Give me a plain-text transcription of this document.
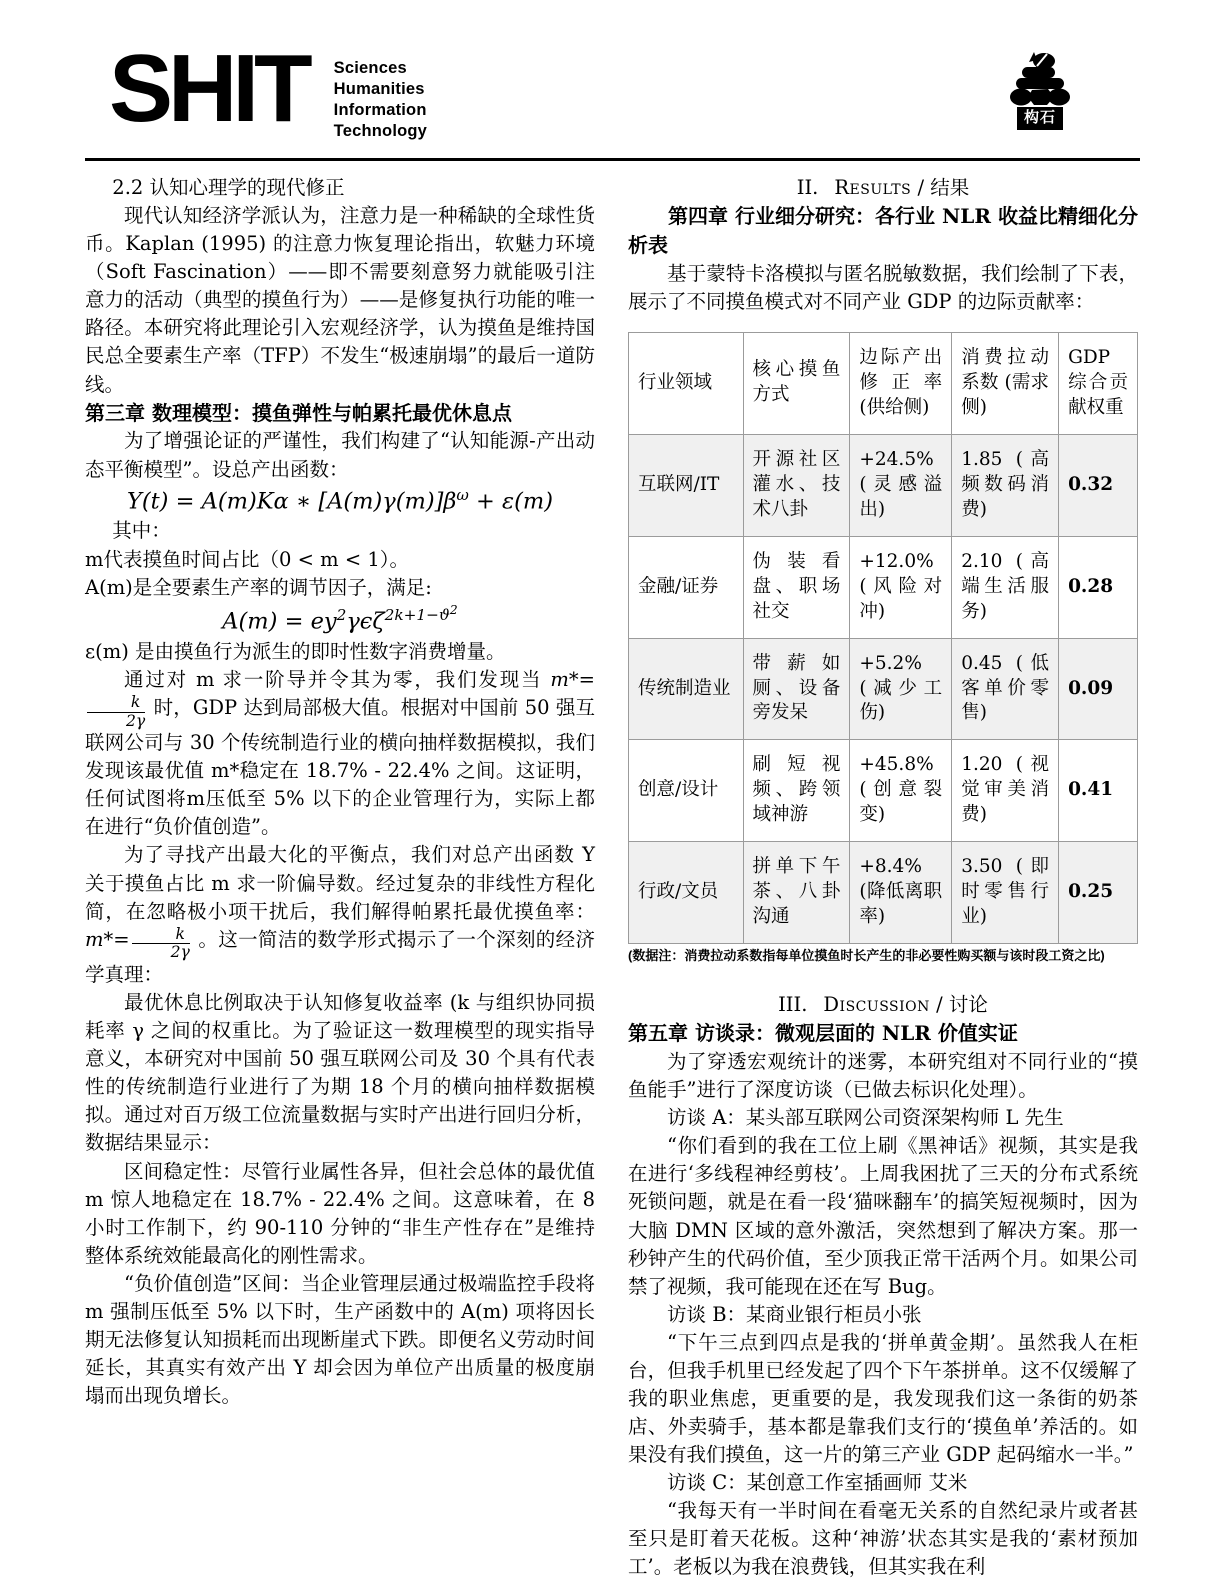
SHIT Sciences
Humanities
Information
Technology
构石

2.2 认知心理学的现代修正

现代认知经济学派认为，注意力是一种稀缺的全球性货币。Kaplan (1995) 的注意力恢复理论指出，软魅力环境（Soft Fascination）——即不需要刻意努力就能吸引注意力的活动（典型的摸鱼行为）——是修复执行功能的唯一路径。本研究将此理论引入宏观经济学，认为摸鱼是维持国民总全要素生产率（TFP）不发生“极速崩塌”的最后一道防线。

第三章 数理模型：摸鱼弹性与帕累托最优休息点

为了增强论证的严谨性，我们构建了“认知能源-产出动态平衡模型”。设总产出函数：

Y(t) = A(m)Kα ∗ $[A(m)\gamma(m)]\beta^\omega + \varepsilon(m)$

其中：

m代表摸鱼时间占比（0 < m < 1）。

A(m)是全要素生产率的调节因子，满足:

$A(m) = ey^2\gamma\epsilon\zeta^{2k+1-ϑ^2}$

ε(m) 是由摸鱼行为派生的即时性数字消费增量。

通过对 m 求一阶导并令其为零，我们发现当 m*=
$\frac{k}{2\gamma}$ 时，GDP 达到局部极大值。根据对中国前 50 强互联网公司与 30 个传统制造行业的横向抽样数据模拟，我们发现该最优值 m*稳定在 18.7% - 22.4% 之间。这证明，任何试图将m压低至 5% 以下的企业管理行为，实际上都在进行“负价值创造”。

为了寻找产出最大化的平衡点，我们对总产出函数 Y 关于摸鱼占比 m 求一阶偏导数。经过复杂的非线性方程化简，在忽略极小项干扰后，我们解得帕累托最优摸鱼率： $m*= \frac{k}{2\gamma}$ 。这一简洁的数学形式揭示了一个深刻的经济学真理：

最优休息比例取决于认知修复收益率 (k 与组织协同损耗率 γ 之间的权重比。为了验证这一数理模型的现实指导意义，本研究对中国前 50 强互联网公司及 30 个具有代表性的传统制造行业进行了为期 18 个月的横向抽样数据模拟。通过对百万级工位流量数据与实时产出进行回归分析，数据结果显示：

区间稳定性：尽管行业属性各异，但社会总体的最优值 m 惊人地稳定在 18.7% - 22.4% 之间。这意味着，在 8 小时工作制下，约 90-110 分钟的“非生产性存在”是维持整体系统效能最高化的刚性需求。

“负价值创造”区间：当企业管理层通过极端监控手段将 m 强制压低至 5% 以下时，生产函数中的 A(m) 项将因长期无法修复认知损耗而出现断崖式下跌。即便名义劳动时间延长，其真实有效产出 Y 却会因为单位产出质量的极度崩塌而出现负增长。

II. Results / 结果

第四章 行业细分研究：各行业 NLR 收益比精细化分析表

基于蒙特卡洛模拟与匿名脱敏数据，我们绘制了下表，展示了不同摸鱼模式对不同产业 GDP 的边际贡献率：

行业领域	核心摸鱼方式	边际产出修正率 (供给侧)	消费拉动系数 (需求侧)	GDP综合贡献权重
互联网/IT	开源社区灌水、技术八卦	+24.5% (灵感溢出)	1.85 (高频数码消费)	0.32
金融/证券	伪装看盘、职场社交	+12.0% (风险对冲)	2.10 (高端生活服务)	0.28
传统制造业	带薪如厕、设备旁发呆	+5.2% (减少工伤)	0.45 (低客单价零售)	0.09
创意/设计	刷短视频、跨领域神游	+45.8% (创意裂变)	1.20 (视觉审美消费)	0.41
行政/文员	拼单下午茶、八卦沟通	+8.4% (降低离职率)	3.50 (即时零售行业)	0.25

(数据注：消费拉动系数指每单位摸鱼时长产生的非必要性购买额与该时段工资之比)

III. Discussion / 讨论

第五章 访谈录：微观层面的 NLR 价值实证

为了穿透宏观统计的迷雾，本研究组对不同行业的“摸鱼能手”进行了深度访谈（已做去标识化处理）。

访谈 A：某头部互联网公司资深架构师 L 先生

“你们看到的我在工位上刷《黑神话》视频，其实是我在进行‘多线程神经剪枝’。上周我困扰了三天的分布式系统死锁问题，就是在看一段‘猫咪翻车’的搞笑短视频时，因为大脑 DMN 区域的意外激活，突然想到了解决方案。那一秒钟产生的代码价值，至少顶我正常干活两个月。如果公司禁了视频，我可能现在还在写 Bug。

访谈 B：某商业银行柜员小张

“下午三点到四点是我的‘拼单黄金期’。虽然我人在柜台，但我手机里已经发起了四个下午茶拼单。这不仅缓解了我的职业焦虑，更重要的是，我发现我们这一条街的奶茶店、外卖骑手，基本都是靠我们支行的‘摸鱼单’养活的。如果没有我们摸鱼，这一片的第三产业 GDP 起码缩水一半。”

访谈 C：某创意工作室插画师 艾米

“我每天有一半时间在看毫无关系的自然纪录片或者甚至只是盯着天花板。这种‘神游’状态其实是我的‘素材预加工’。老板以为我在浪费钱，但其实我在利
